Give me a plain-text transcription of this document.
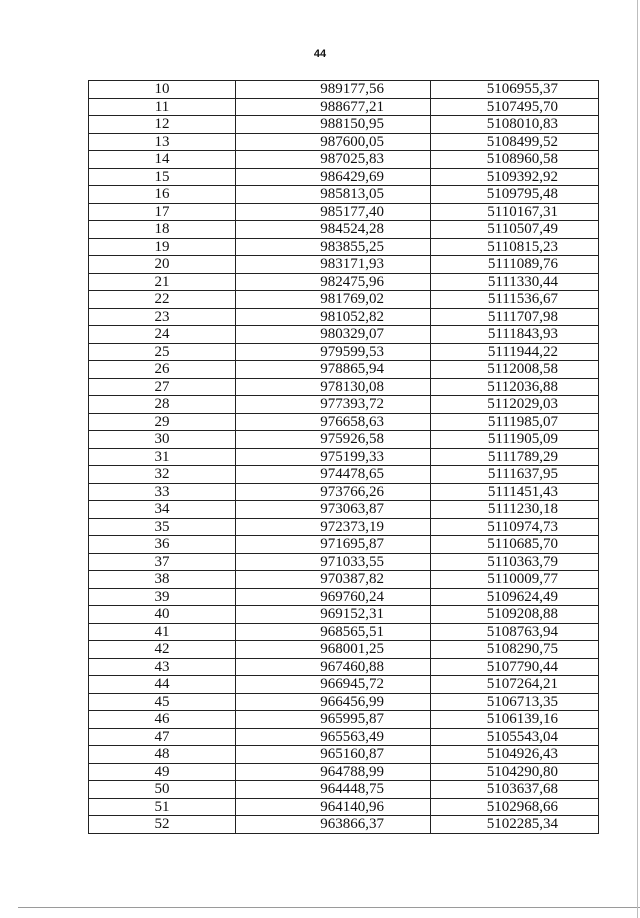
44
10	989177,56	5106955,37
11	988677,21	5107495,70
12	988150,95	5108010,83
13	987600,05	5108499,52
14	987025,83	5108960,58
15	986429,69	5109392,92
16	985813,05	5109795,48
17	985177,40	5110167,31
18	984524,28	5110507,49
19	983855,25	5110815,23
20	983171,93	5111089,76
21	982475,96	5111330,44
22	981769,02	5111536,67
23	981052,82	5111707,98
24	980329,07	5111843,93
25	979599,53	5111944,22
26	978865,94	5112008,58
27	978130,08	5112036,88
28	977393,72	5112029,03
29	976658,63	5111985,07
30	975926,58	5111905,09
31	975199,33	5111789,29
32	974478,65	5111637,95
33	973766,26	5111451,43
34	973063,87	5111230,18
35	972373,19	5110974,73
36	971695,87	5110685,70
37	971033,55	5110363,79
38	970387,82	5110009,77
39	969760,24	5109624,49
40	969152,31	5109208,88
41	968565,51	5108763,94
42	968001,25	5108290,75
43	967460,88	5107790,44
44	966945,72	5107264,21
45	966456,99	5106713,35
46	965995,87	5106139,16
47	965563,49	5105543,04
48	965160,87	5104926,43
49	964788,99	5104290,80
50	964448,75	5103637,68
51	964140,96	5102968,66
52	963866,37	5102285,34
